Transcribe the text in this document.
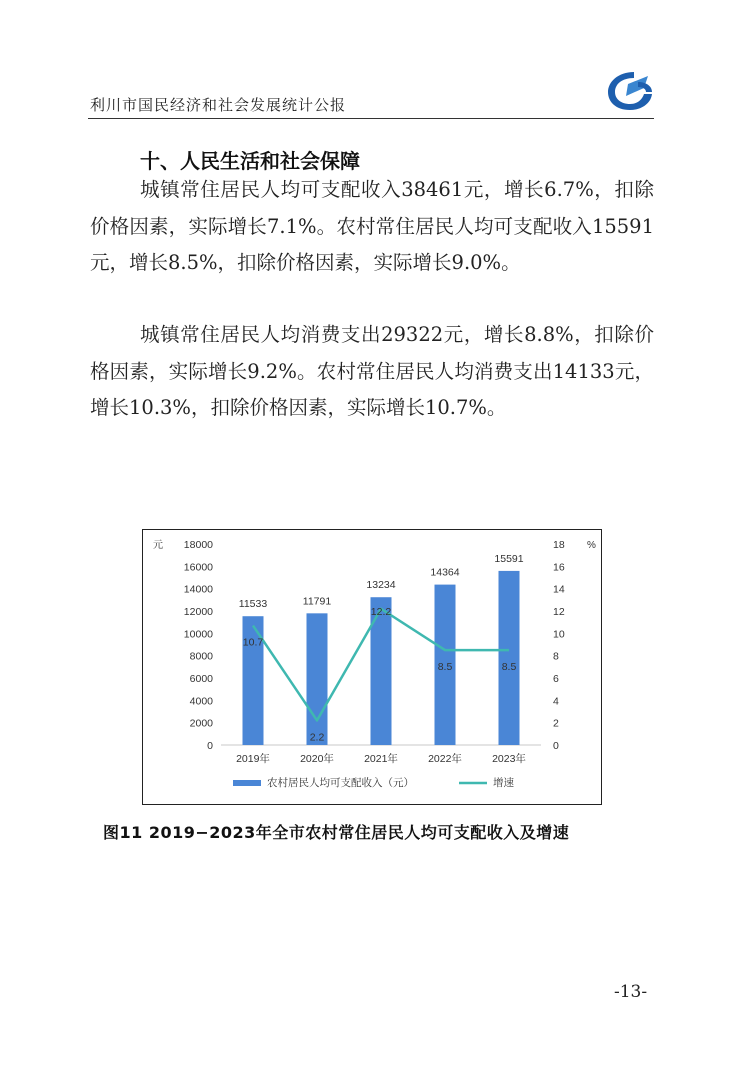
利川市国民经济和社会发展统计公报
十、人民生活和社会保障

城镇常住居民人均可支配收入38461元，增长6.7%，扣除价格因素，实际增长7.1%。农村常住居民人均可支配收入15591元，增长8.5%，扣除价格因素，实际增长9.0%。

城镇常住居民人均消费支出29322元，增长8.8%，扣除价格因素，实际增长9.2%。农村常住居民人均消费支出14133元，增长10.3%，扣除价格因素，实际增长10.7%。

元	%
0
2000
4000
6000
8000
10000
12000
14000
16000
18000
0
2
4
6
8
10
12
14
16
18
11533
2019年
11791
2020年
13234
2021年
14364
2022年
15591
2023年
10.7
2.2
12.2
8.5	8.5
农村居民人均可支配收入（元）	增速
图11 2019−2023年全市农村常住居民人均可支配收入及增速
-13-
